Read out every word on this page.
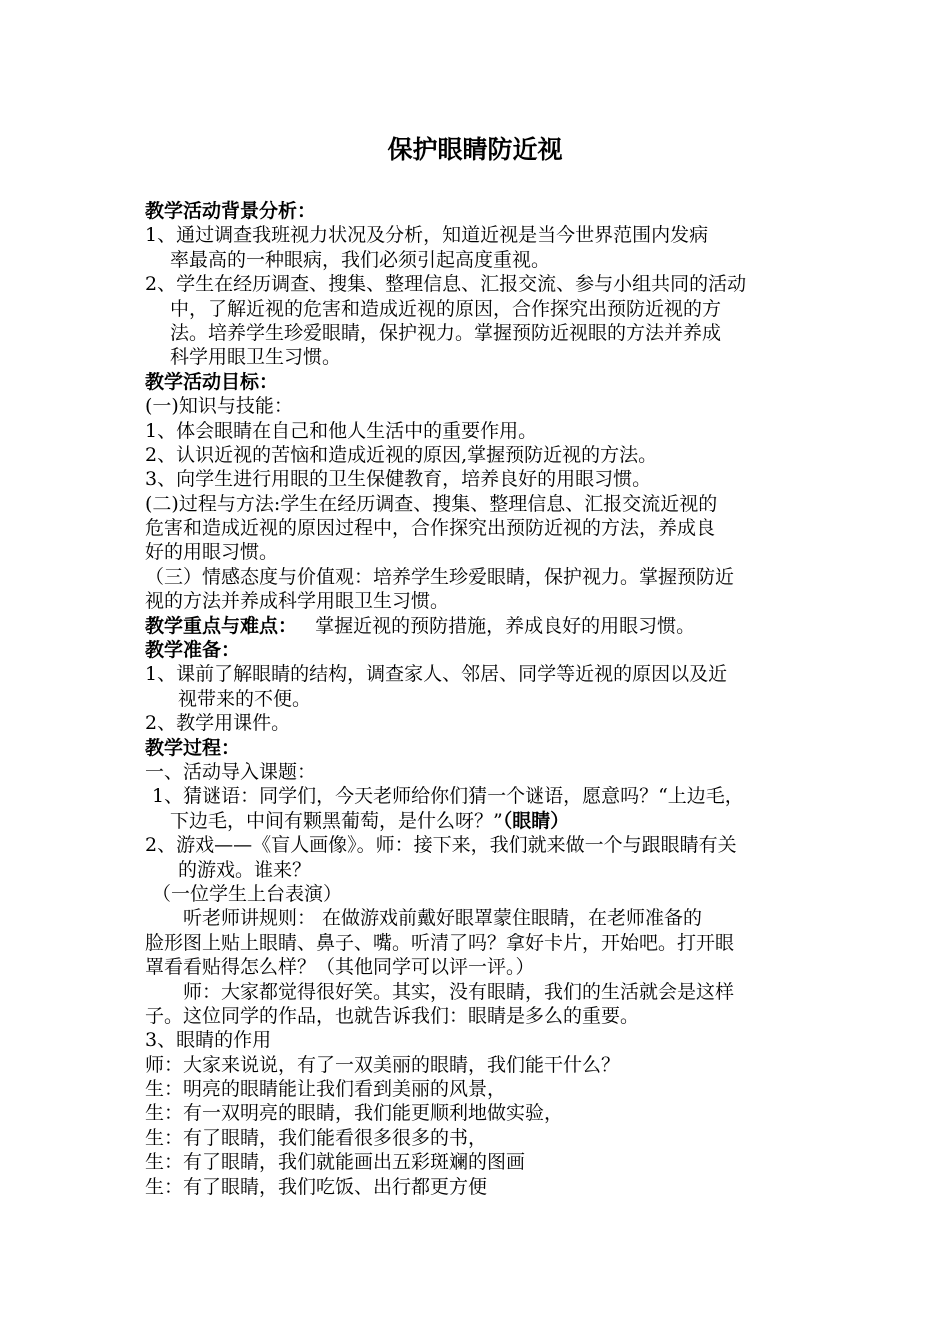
保护眼睛防近视
教学活动背景分析：
1、通过调查我班视力状况及分析，知道近视是当今世界范围内发病
率最高的一种眼病，我们必须引起高度重视。
2、学生在经历调查、搜集、整理信息、汇报交流、参与小组共同的活动
中，了解近视的危害和造成近视的原因，合作探究出预防近视的方
法。培养学生珍爱眼睛，保护视力。掌握预防近视眼的方法并养成
科学用眼卫生习惯。
教学活动目标：
(一)知识与技能：
1、体会眼睛在自己和他人生活中的重要作用。
2、认识近视的苦恼和造成近视的原因,掌握预防近视的方法。
3、向学生进行用眼的卫生保健教育，培养良好的用眼习惯。
(二)过程与方法:学生在经历调查、搜集、整理信息、汇报交流近视的
危害和造成近视的原因过程中，合作探究出预防近视的方法，养成良
好的用眼习惯。
（三）情感态度与价值观：培养学生珍爱眼睛，保护视力。掌握预防近
视的方法并养成科学用眼卫生习惯。
教学重点与难点：   掌握近视的预防措施，养成良好的用眼习惯。
教学准备：
1、课前了解眼睛的结构，调查家人、邻居、同学等近视的原因以及近
视带来的不便。
2、教学用课件。
教学过程：
一、活动导入课题：
1、猜谜语：同学们，今天老师给你们猜一个谜语，愿意吗？“上边毛，
下边毛，中间有颗黑葡萄，是什么呀？”（眼睛）
2、游戏——《盲人画像》。师：接下来，我们就来做一个与跟眼睛有关
的游戏。谁来？
（一位学生上台表演）
听老师讲规则： 在做游戏前戴好眼罩蒙住眼睛，在老师准备的
脸形图上贴上眼睛、鼻子、嘴。听清了吗？拿好卡片，开始吧。打开眼
罩看看贴得怎么样？（其他同学可以评一评。）
师：大家都觉得很好笑。其实，没有眼睛，我们的生活就会是这样
子。这位同学的作品，也就告诉我们：眼睛是多么的重要。
3、眼睛的作用
师：大家来说说，有了一双美丽的眼睛，我们能干什么？
生：明亮的眼睛能让我们看到美丽的风景，
生：有一双明亮的眼睛，我们能更顺利地做实验，
生：有了眼睛，我们能看很多很多的书，
生：有了眼睛，我们就能画出五彩斑斓的图画
生：有了眼睛，我们吃饭、出行都更方便
